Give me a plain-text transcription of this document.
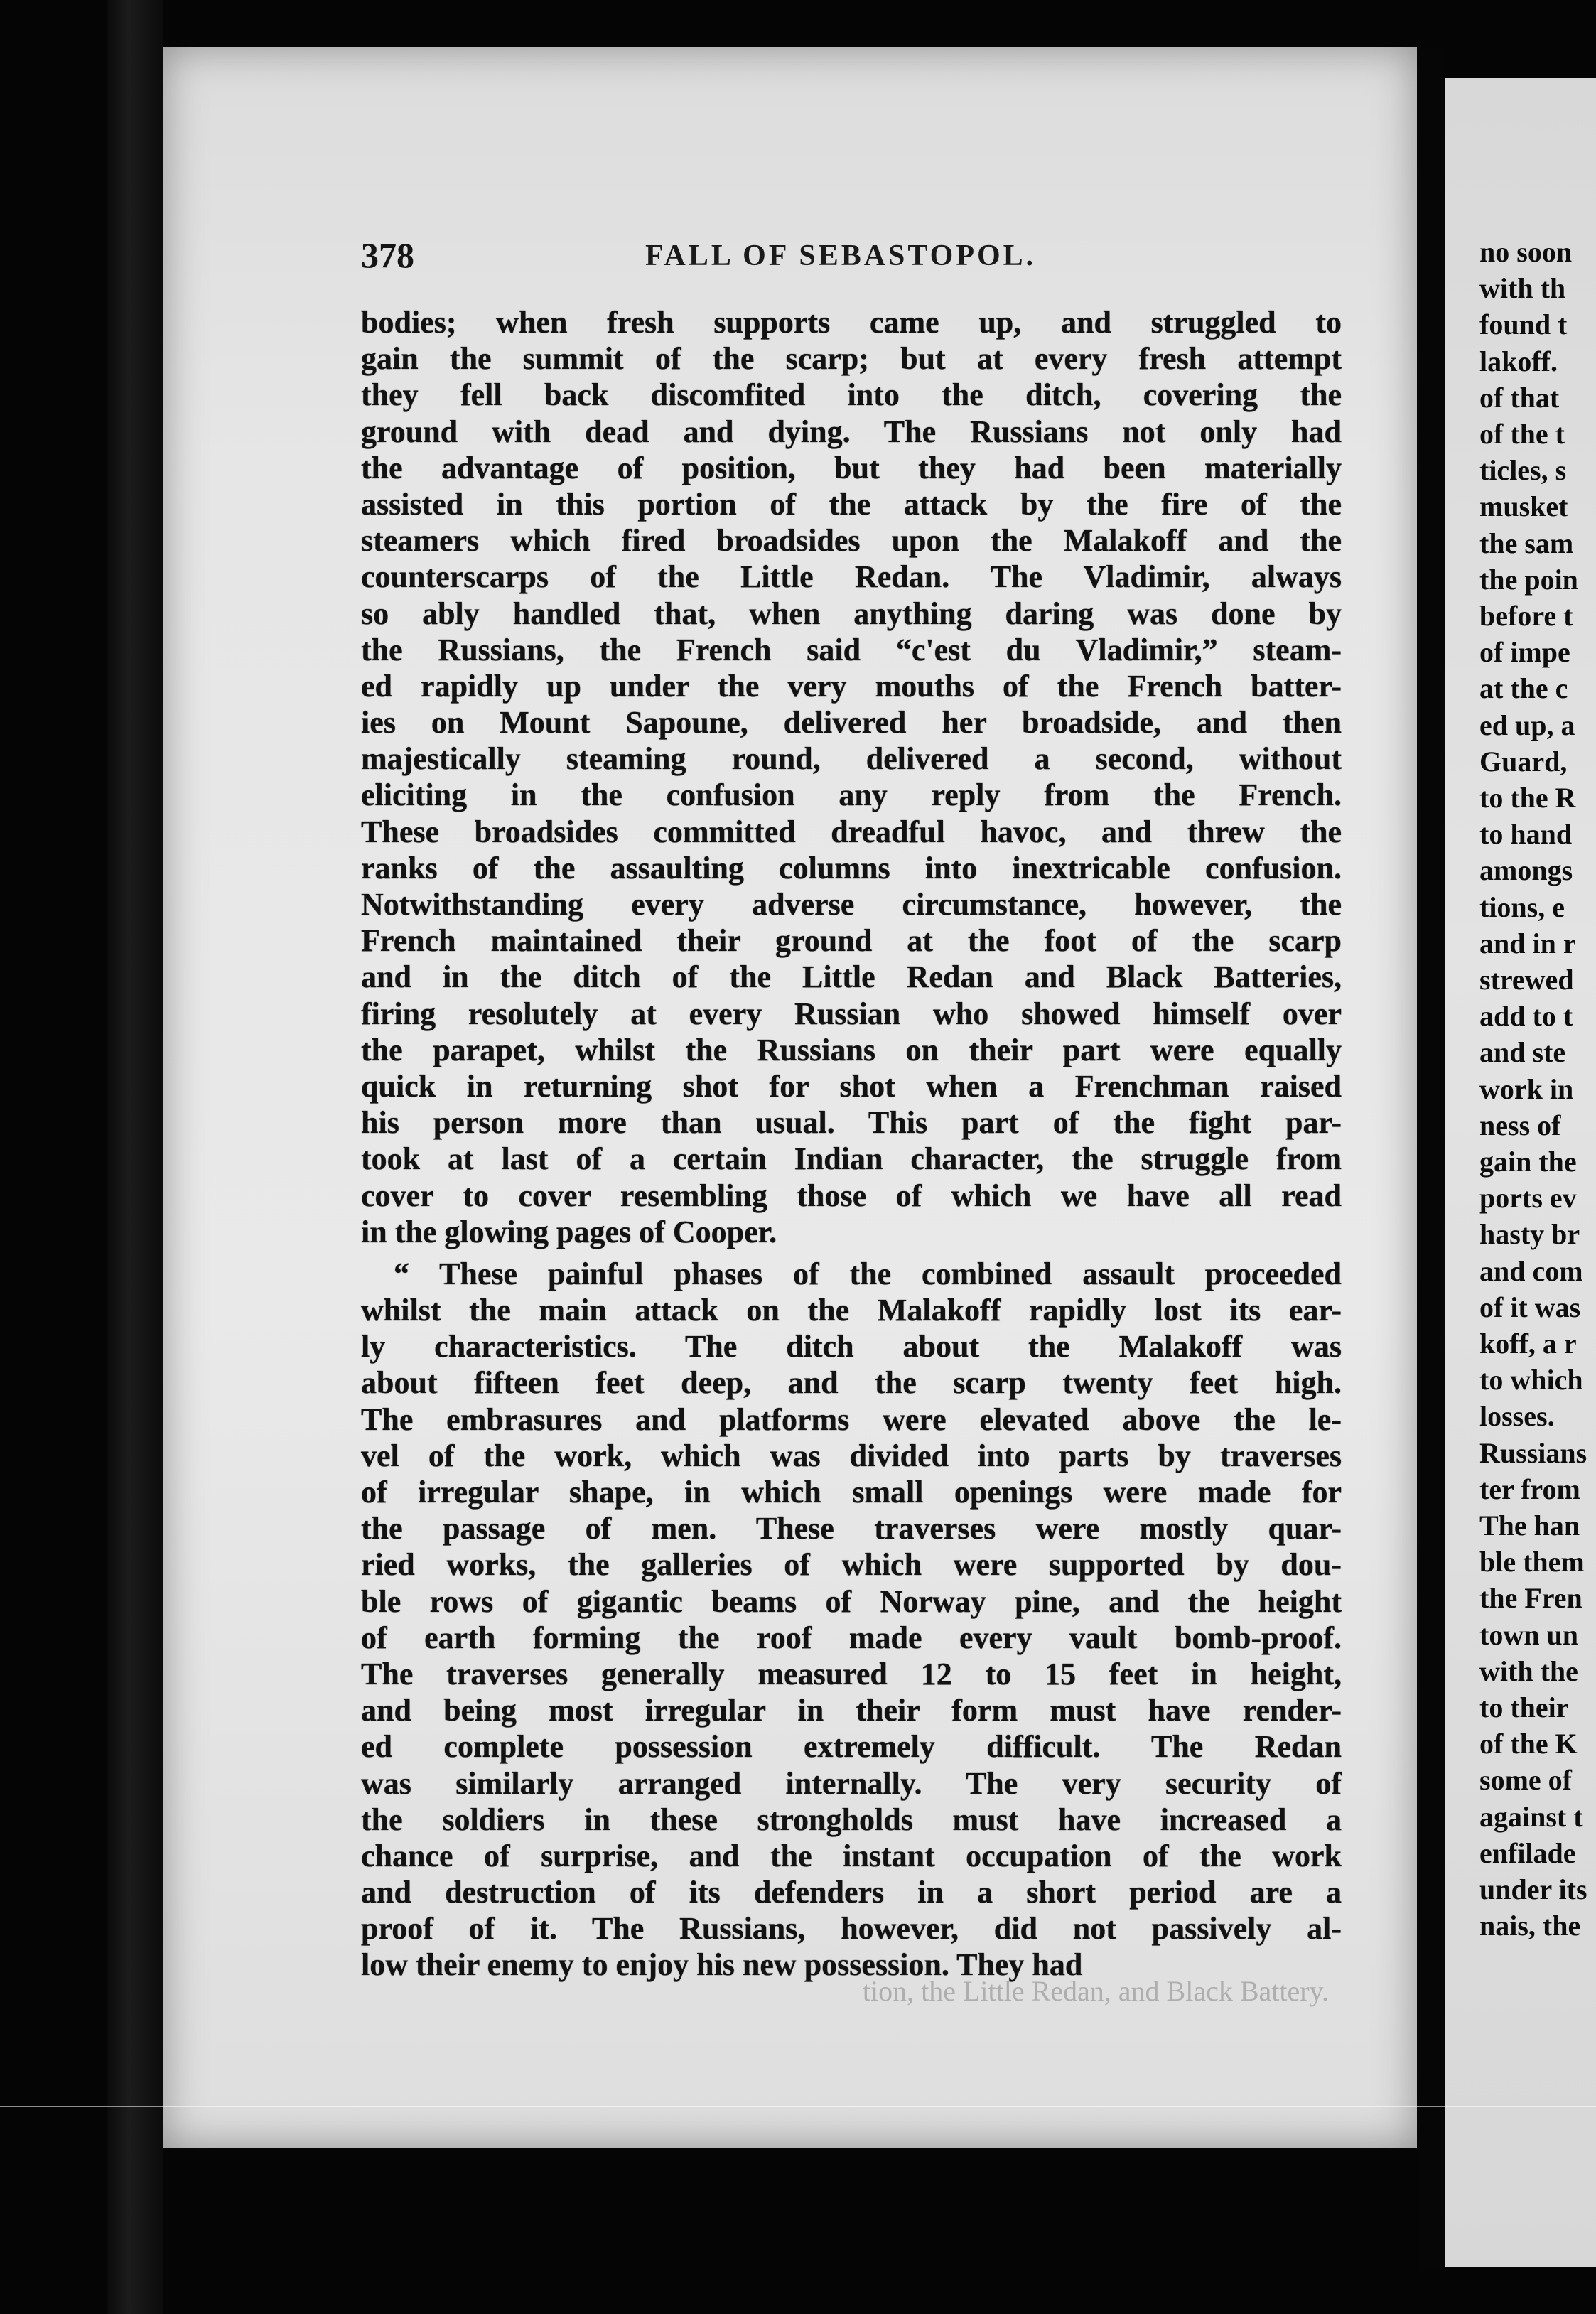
378	FALL OF SEBASTOPOL.
bodies; when fresh supports came up, and struggled to
gain the summit of the scarp; but at every fresh attempt
they fell back discomfited into the ditch, covering the
ground with dead and dying. The Russians not only had
the advantage of position, but they had been materially
assisted in this portion of the attack by the fire of the
steamers which fired broadsides upon the Malakoff and the
counterscarps of the Little Redan. The Vladimir, always
so ably handled that, when anything daring was done by
the Russians, the French said “c'est du Vladimir,” steam-
ed rapidly up under the very mouths of the French batter-
ies on Mount Sapoune, delivered her broadside, and then
majestically steaming round, delivered a second, without
eliciting in the confusion any reply from the French.
These broadsides committed dreadful havoc, and threw the
ranks of the assaulting columns into inextricable confusion.
Notwithstanding every adverse circumstance, however, the
French maintained their ground at the foot of the scarp
and in the ditch of the Little Redan and Black Batteries,
firing resolutely at every Russian who showed himself over
the parapet, whilst the Russians on their part were equally
quick in returning shot for shot when a Frenchman raised
his person more than usual. This part of the fight par-
took at last of a certain Indian character, the struggle from
cover to cover resembling those of which we have all read
in the glowing pages of Cooper.
“ These painful phases of the combined assault proceeded
whilst the main attack on the Malakoff rapidly lost its ear-
ly characteristics. The ditch about the Malakoff was
about fifteen feet deep, and the scarp twenty feet high.
The embrasures and platforms were elevated above the le-
vel of the work, which was divided into parts by traverses
of irregular shape, in which small openings were made for
the passage of men. These traverses were mostly quar-
ried works, the galleries of which were supported by dou-
ble rows of gigantic beams of Norway pine, and the height
of earth forming the roof made every vault bomb-proof.
The traverses generally measured 12 to 15 feet in height,
and being most irregular in their form must have render-
ed complete possession extremely difficult. The Redan
was similarly arranged internally. The very security of
the soldiers in these strongholds must have increased a
chance of surprise, and the instant occupation of the work
and destruction of its defenders in a short period are a
proof of it. The Russians, however, did not passively al-
low their enemy to enjoy his new possession. They had
tion, the Little Redan, and Black Battery.
no soon
with th
found t
lakoff.
of that
of the t
ticles, s
musket
the sam
the poin
before t
of impe
at the c
ed up, a
Guard,
to the R
to hand
amongs
tions, e
and in r
strewed
add to t
and ste
work in
ness of
gain the
ports ev
hasty br
and com
of it was
koff, a r
to which
losses.
Russians
ter from
The han
ble them
the Fren
town un
with the
to their
of the K
some of
against t
enfilade
under its
nais, the
